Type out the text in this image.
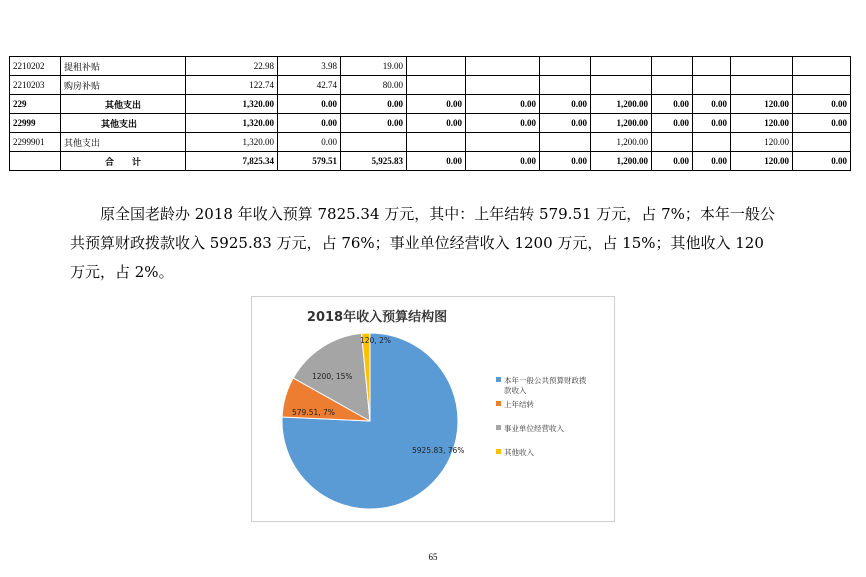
2210202	提租补贴	22.98	3.98	19.00								
2210203	购房补贴	122.74	42.74	80.00								
229	其他支出	1,320.00	0.00	0.00	0.00	0.00	0.00	1,200.00	0.00	0.00	120.00	0.00
22999	其他支出	1,320.00	0.00	0.00	0.00	0.00	0.00	1,200.00	0.00	0.00	120.00	0.00
2299901	其他支出	1,320.00	0.00					1,200.00			120.00	
	合　　计	7,825.34	579.51	5,925.83	0.00	0.00	0.00	1,200.00	0.00	0.00	120.00	0.00

原全国老龄办 2018 年收入预算 7825.34 万元，其中：上年结转 579.51 万元，占 7%；本年一般公

共预算财政拨款收入 5925.83 万元，占 76%；事业单位经营收入 1200 万元，占 15%；其他收入 120

万元，占 2%。

2018年收入预算结构图
5925.83, 76%
579.51, 7%
1200, 15%
120, 2%
本年一般公共预算财政拨
款收入
上年结转
事业单位经营收入
其他收入
65
